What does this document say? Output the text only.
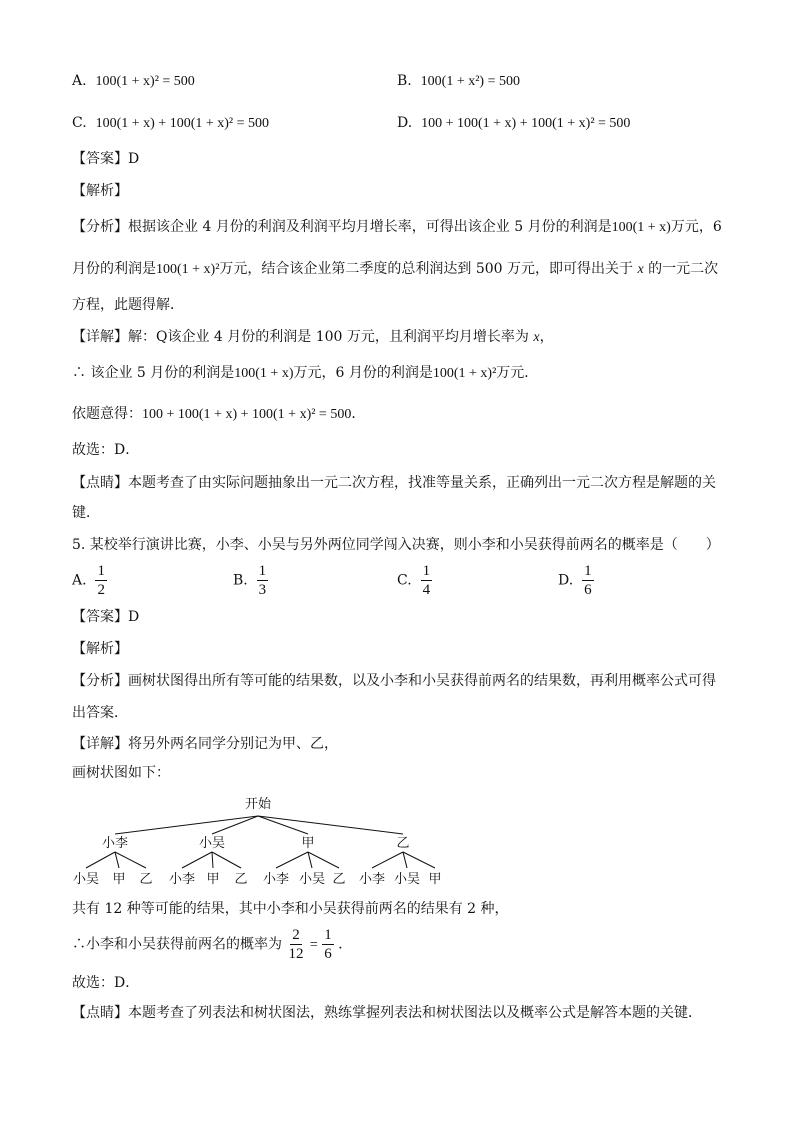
A. 100(1 + x)² = 500	B. 100(1 + x²) = 500
C. 100(1 + x) + 100(1 + x)² = 500	D. 100 + 100(1 + x) + 100(1 + x)² = 500
【答案】D
【解析】
【分析】根据该企业 4 月份的利润及利润平均月增长率，可得出该企业 5 月份的利润是100(1 + x)万元，6
月份的利润是100(1 + x)²万元，结合该企业第二季度的总利润达到 500 万元，即可得出关于 x 的一元二次
方程，此题得解．
【详解】解：Q该企业 4 月份的利润是 100 万元，且利润平均月增长率为 x，
∴ 该企业 5 月份的利润是100(1 + x)万元，6 月份的利润是100(1 + x)²万元．
依题意得：100 + 100(1 + x) + 100(1 + x)² = 500．
故选：D．
【点睛】本题考查了由实际问题抽象出一元二次方程，找准等量关系，正确列出一元二次方程是解题的关
键．
5. 某校举行演讲比赛，小李、小吴与另外两位同学闯入决赛，则小李和小吴获得前两名的概率是（　　）
A. $\frac{1}{2}$	B. $\frac{1}{3}$	C. $\frac{1}{4}$	D. $\frac{1}{6}$
【答案】D
【解析】
【分析】画树状图得出所有等可能的结果数，以及小李和小吴获得前两名的结果数，再利用概率公式可得
出答案．
【详解】将另外两名同学分别记为甲、乙，
画树状图如下：
开始
小李	小吴	甲	乙
小吴 甲 乙 小李 甲 乙 小李 小吴 乙 小李 小吴 甲
共有 12 种等可能的结果，其中小李和小吴获得前两名的结果有 2 种，
∴小李和小吴获得前两名的概率为 $\frac{2}{12} = \frac{1}{6}$ ．
故选：D．
【点睛】本题考查了列表法和树状图法，熟练掌握列表法和树状图法以及概率公式是解答本题的关键．
